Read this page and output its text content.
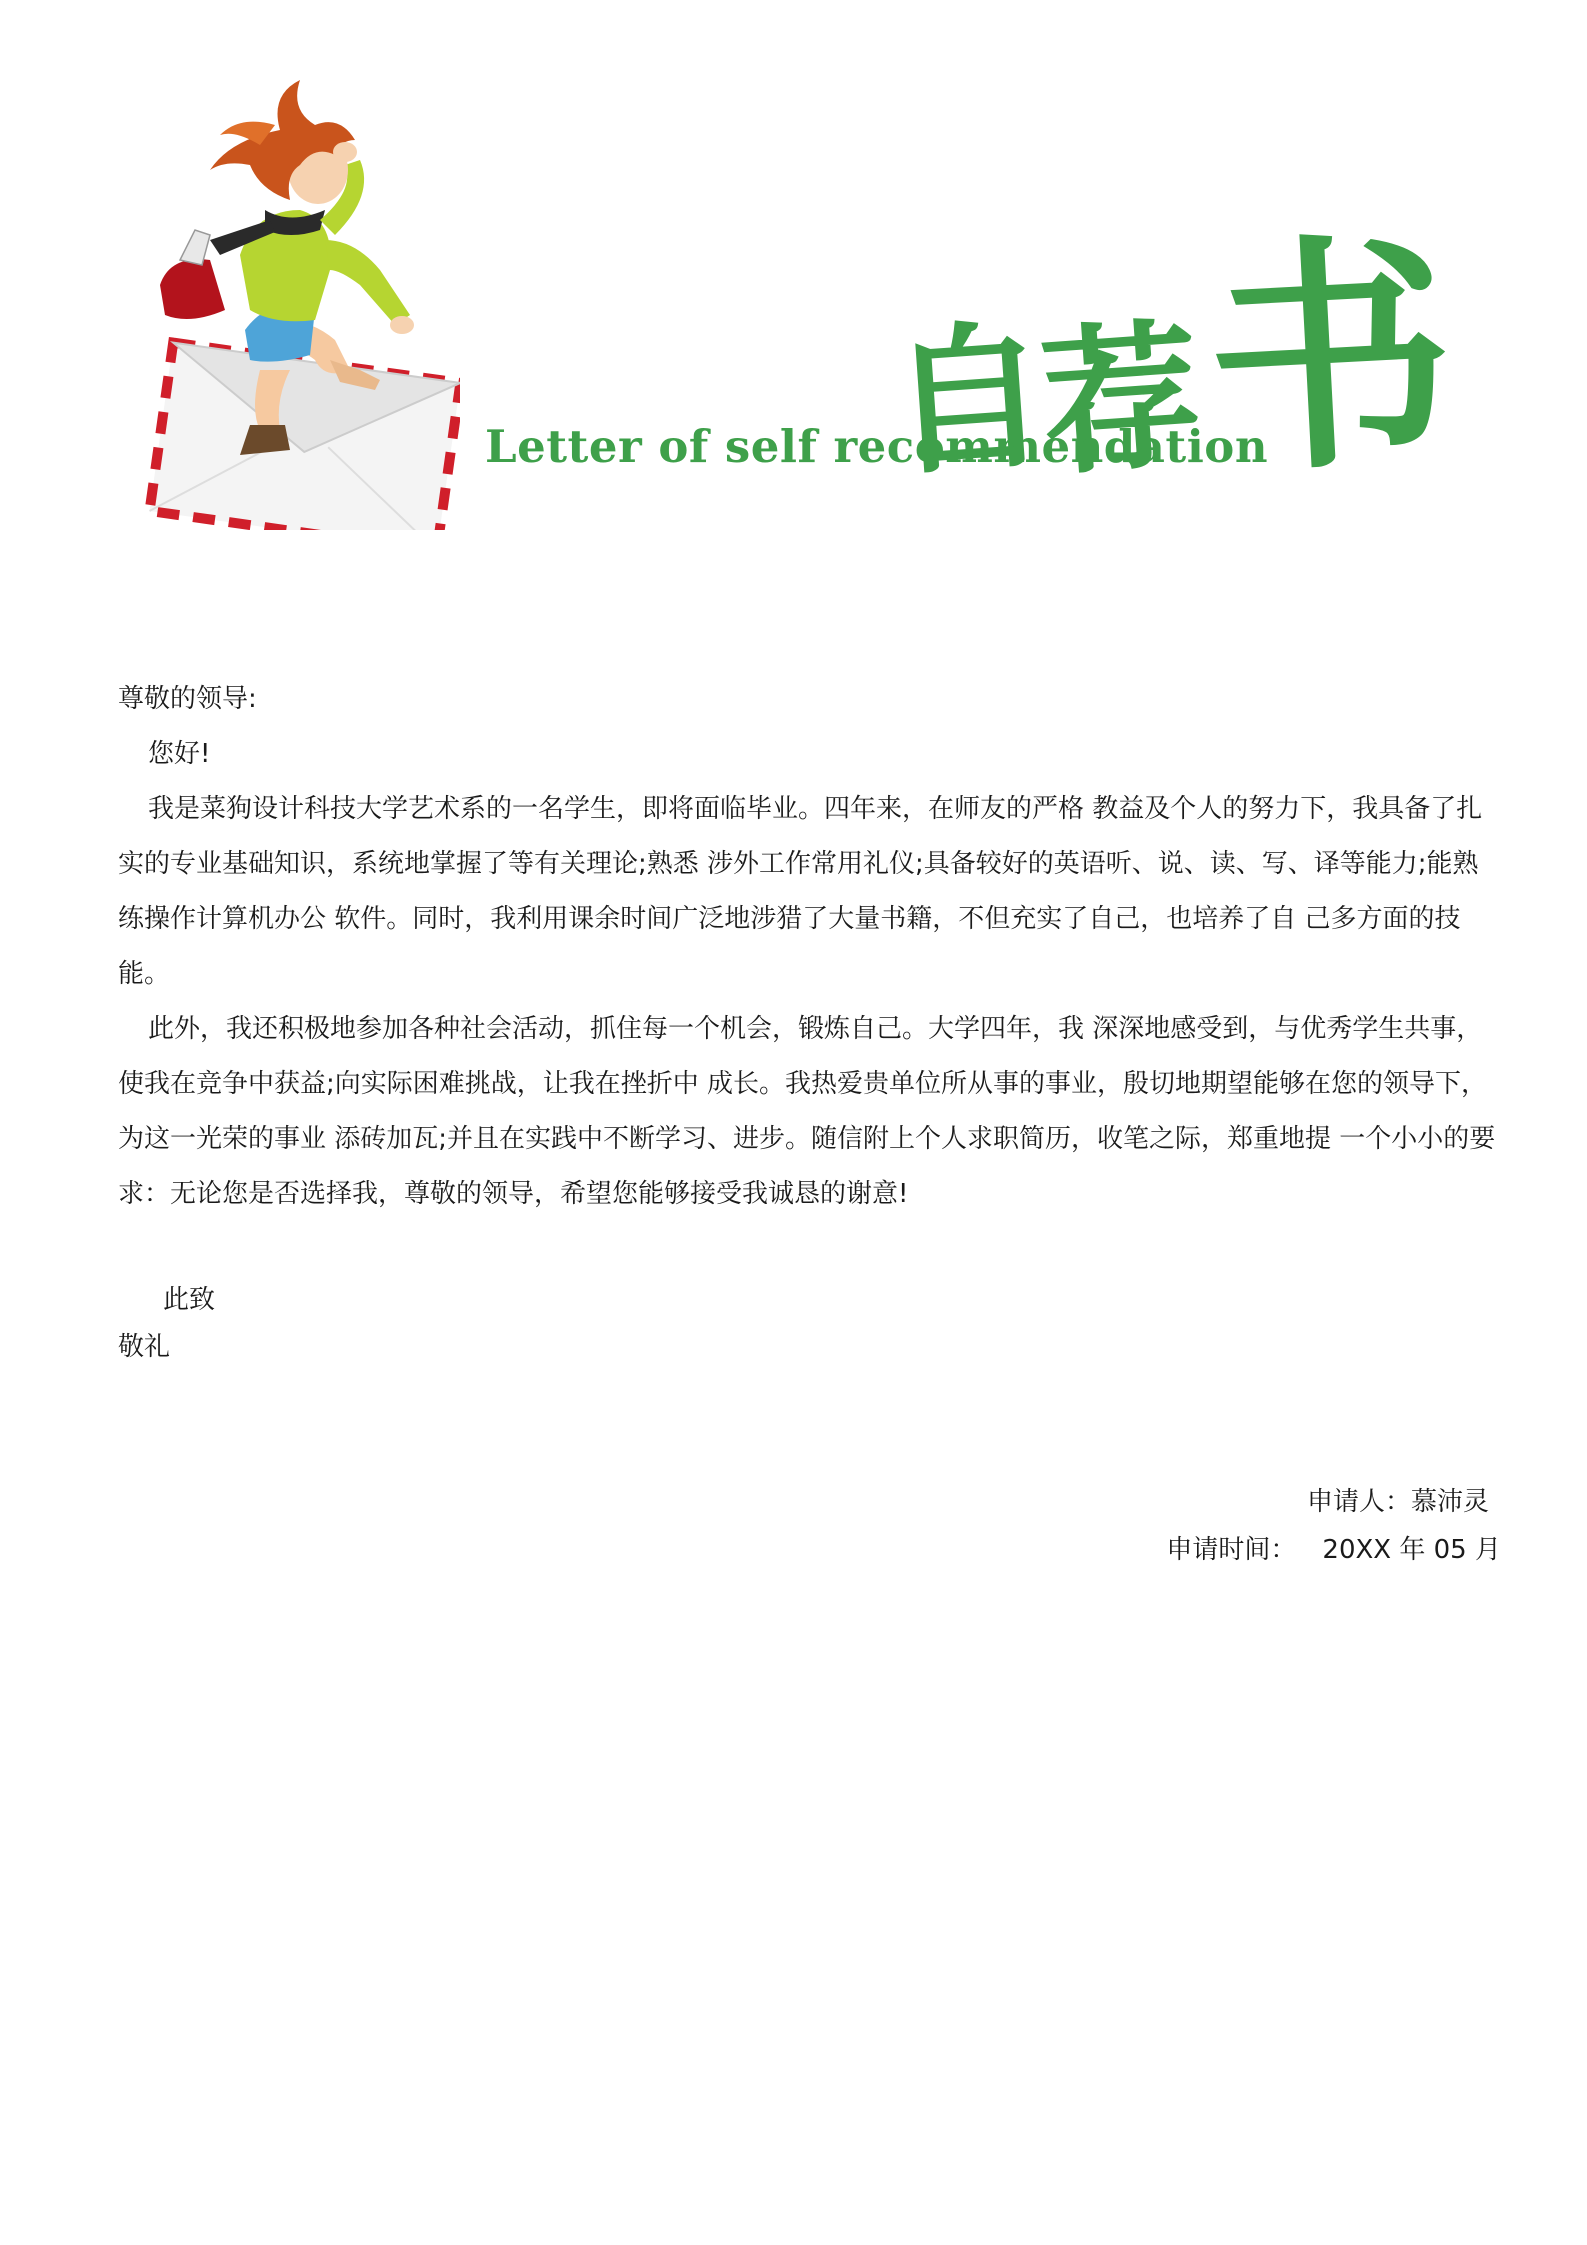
自荐书
Letter of self recommendation

尊敬的领导:

您好!

我是菜狗设计科技大学艺术系的一名学生，即将面临毕业。四年来，在师友的严格 教益及个人的努力下，我具备了扎实的专业基础知识，系统地掌握了等有关理论;熟悉 涉外工作常用礼仪;具备较好的英语听、说、读、写、译等能力;能熟练操作计算机办公 软件。同时，我利用课余时间广泛地涉猎了大量书籍，不但充实了自己，也培养了自 己多方面的技能。

此外，我还积极地参加各种社会活动，抓住每一个机会，锻炼自己。大学四年，我 深深地感受到，与优秀学生共事，使我在竞争中获益;向实际困难挑战，让我在挫折中 成长。我热爱贵单位所从事的事业，殷切地期望能够在您的领导下，为这一光荣的事业 添砖加瓦;并且在实践中不断学习、进步。随信附上个人求职简历，收笔之际，郑重地提 一个小小的要求：无论您是否选择我，尊敬的领导，希望您能够接受我诚恳的谢意!

此致

敬礼

申请人：慕沛灵
申请时间： 20XX 年 05 月
